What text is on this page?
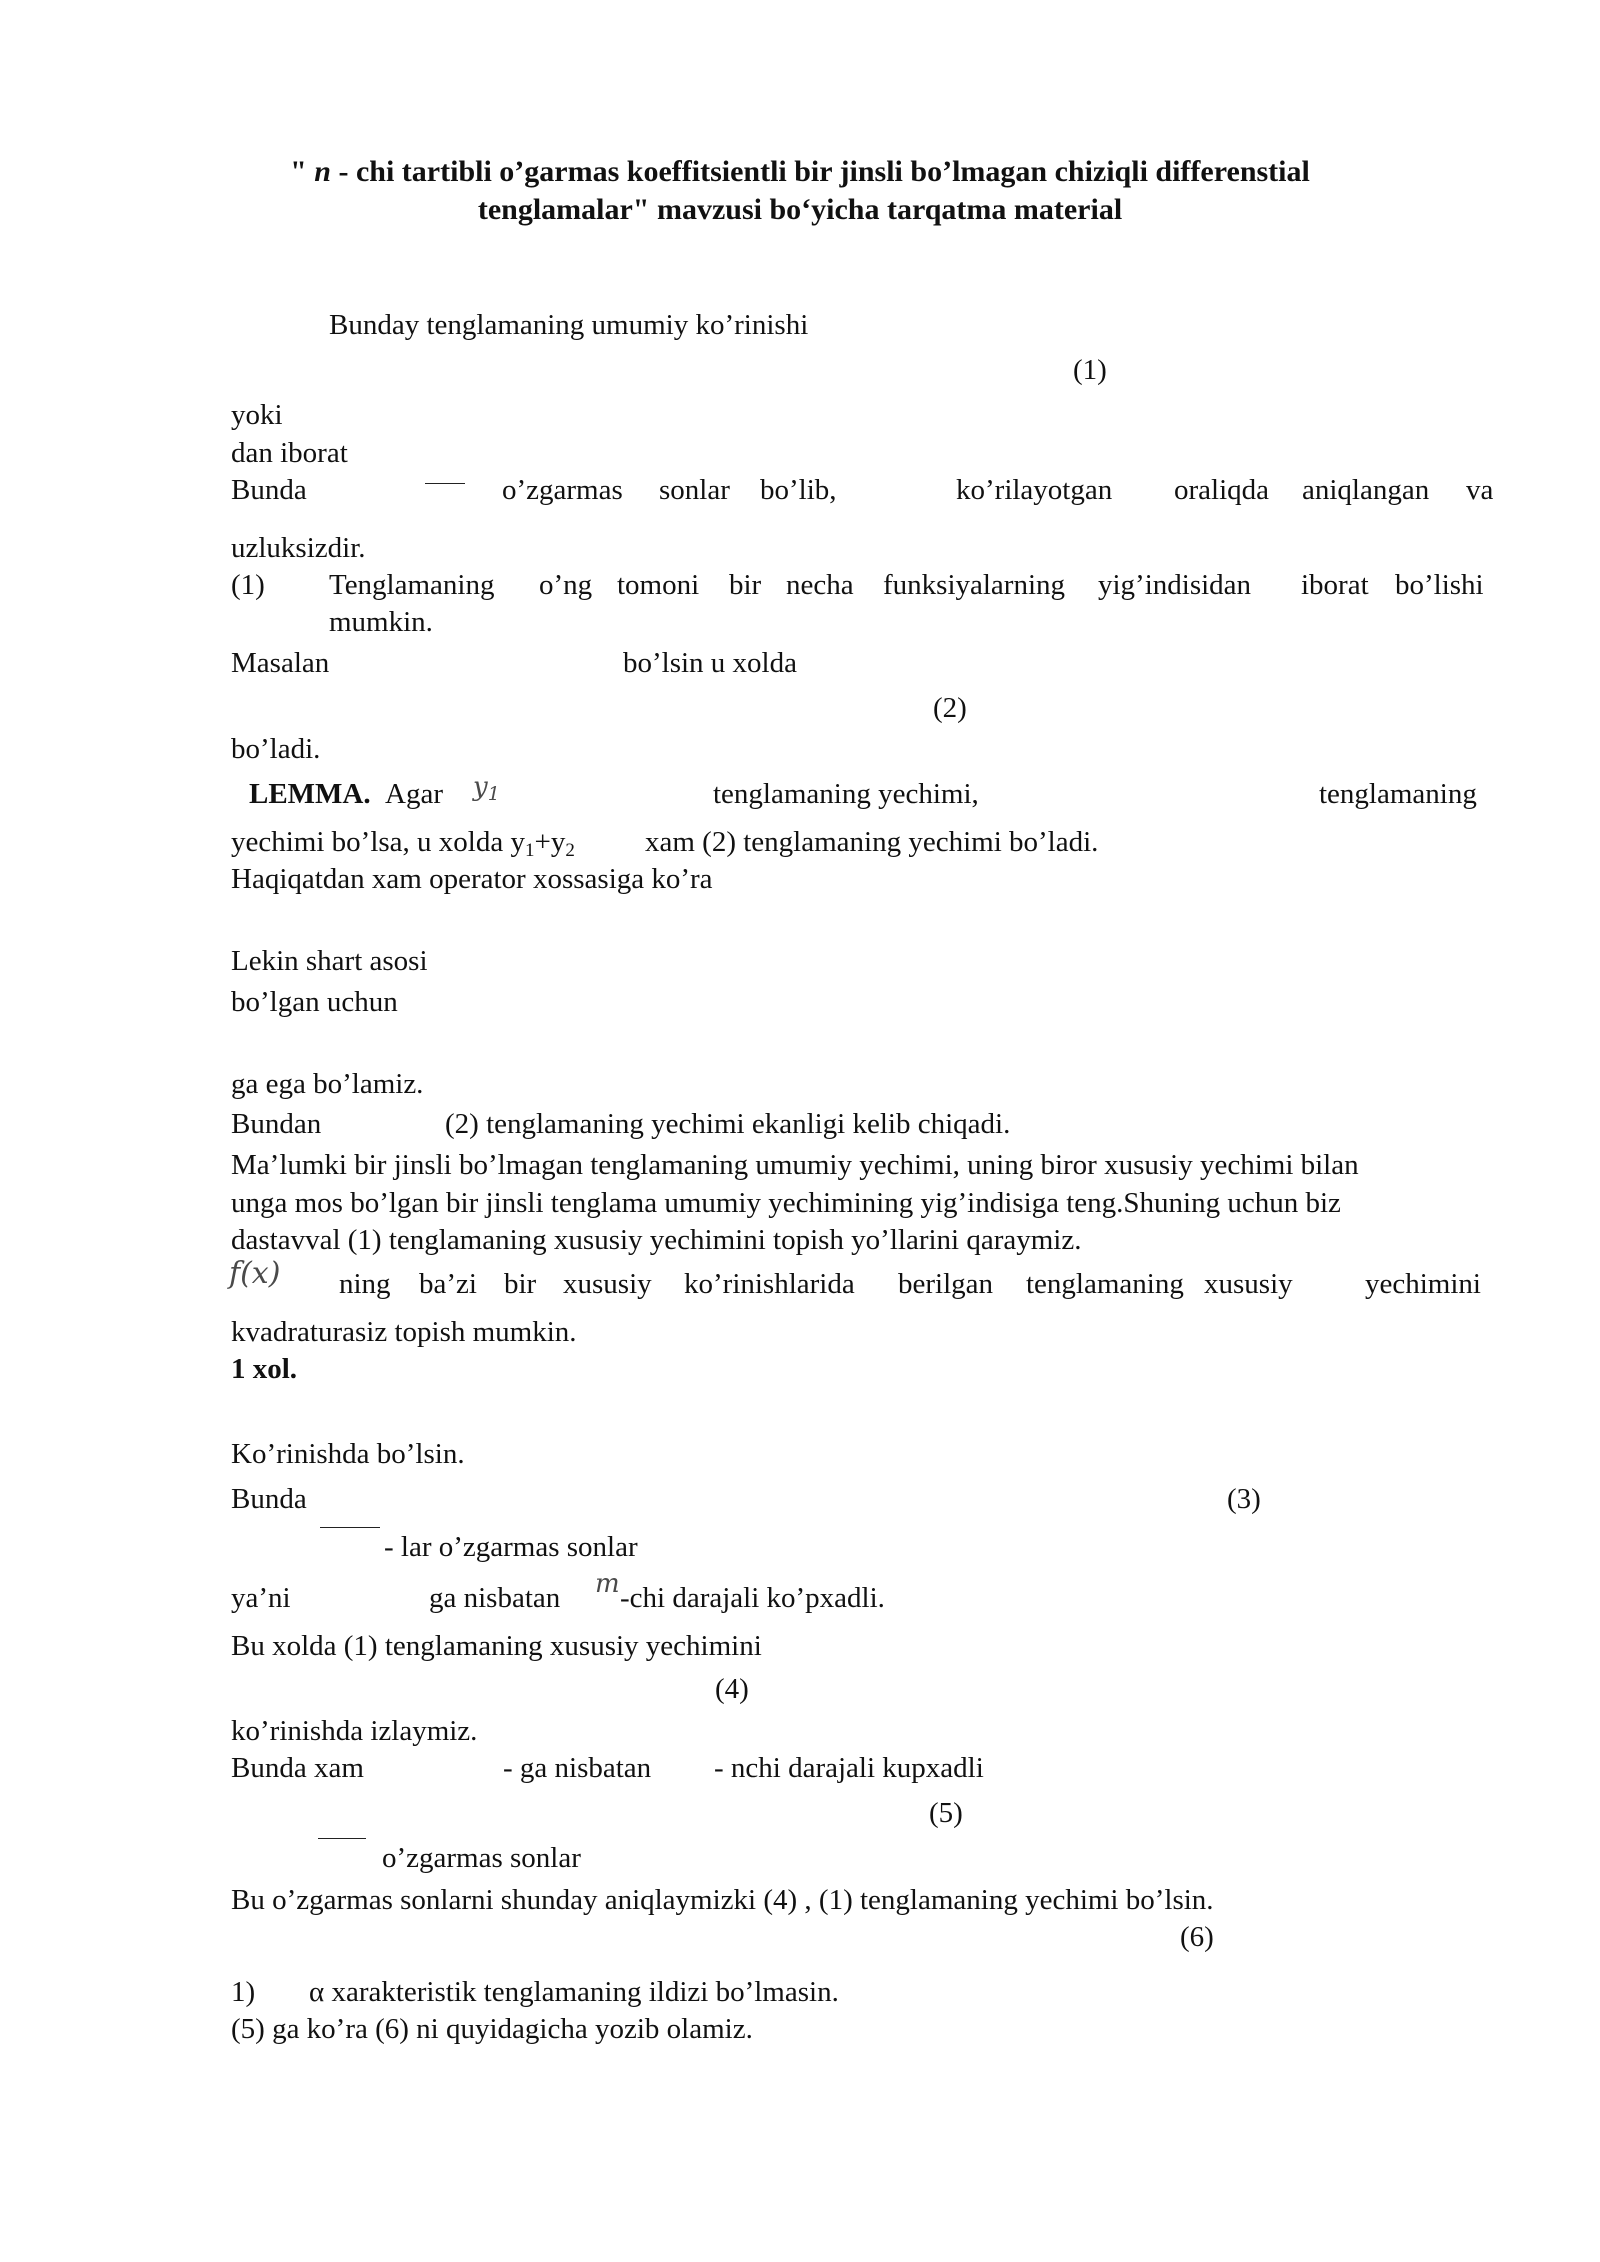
" n - chi tartibli o’garmas koeffitsientli bir jinsli bo’lmagan chiziqli differenstial
tenglamalar" mavzusi bo‘yicha tarqatma material
Bunday tenglamaning umumiy ko’rinishi
(1)
yoki
dan iborat
Bunda	o’zgarmas sonlar bo’lib,	ko’rilayotgan oraliqda aniqlangan va
uzluksizdir.
(1) Tenglamaning o’ng tomoni bir necha funksiyalarning yig’indisidan iborat bo’lishi
mumkin.
Masalan	bo’lsin u xolda
(2)
bo’ladi.
LEMMA. Agar $y_1$	tenglamaning yechimi,	tenglamaning
yechimi bo’lsa, u xolda $y_1+y_2$ xam (2) tenglamaning yechimi bo’ladi.
Haqiqatdan xam operator xossasiga ko’ra
Lekin shart asosi
bo’lgan uchun
ga ega bo’lamiz.
Bundan	(2) tenglamaning yechimi ekanligi kelib chiqadi.
Ma’lumki bir jinsli bo’lmagan tenglamaning umumiy yechimi, uning biror xususiy yechimi bilan
unga mos bo’lgan bir jinsli tenglama umumiy yechimining yig’indisiga teng.Shuning uchun biz
dastavval (1) tenglamaning xususiy yechimini topish yo’llarini qaraymiz.
f(x) ning ba’zi bir xususiy ko’rinishlarida berilgan tenglamaning xususiy yechimini
kvadraturasiz topish mumkin.
1 xol.
Ko’rinishda bo’lsin.
Bunda	(3)
- lar o’zgarmas sonlar
ya’ni	ga nisbatan m -chi darajali ko’pxadli.
Bu xolda (1) tenglamaning xususiy yechimini
(4)
ko’rinishda izlaymiz.
Bunda xam	- ga nisbatan - nchi darajali kupxadli
(5)
o’zgarmas sonlar
Bu o’zgarmas sonlarni shunday aniqlaymizki (4) , (1) tenglamaning yechimi bo’lsin.
(6)
1) α xarakteristik tenglamaning ildizi bo’lmasin.
(5) ga ko’ra (6) ni quyidagicha yozib olamiz.
